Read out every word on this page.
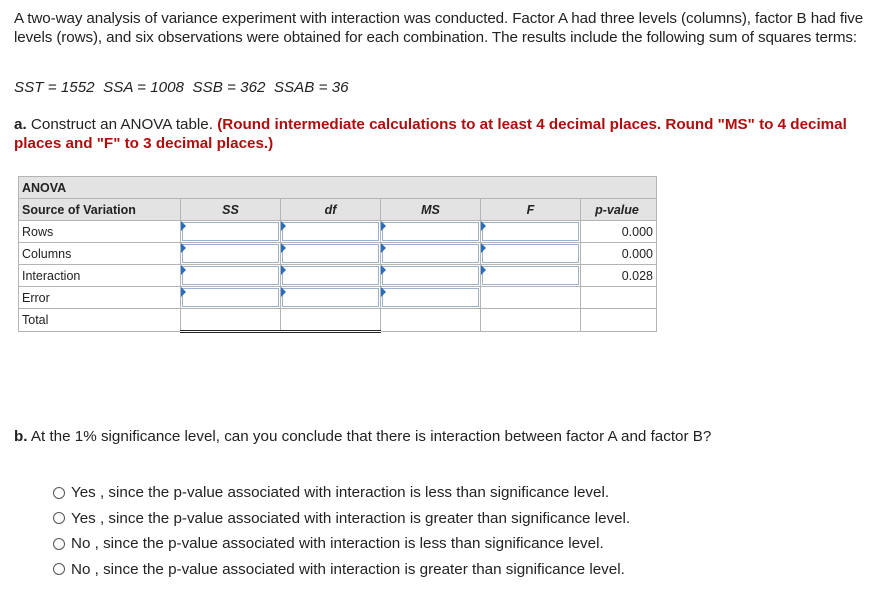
A two-way analysis of variance experiment with interaction was conducted. Factor A had three levels (columns), factor B had five levels (rows), and six observations were obtained for each combination. The results include the following sum of squares terms:
SST = 1552  SSA = 1008  SSB = 362  SSAB = 36
a. Construct an ANOVA table. (Round intermediate calculations to at least 4 decimal places. Round "MS" to 4 decimal places and "F" to 3 decimal places.)
ANOVA					
Source of Variation	SS	df	MS	F	p-value
Rows					0.000
Columns					0.000
Interaction					0.028
Error	

Total					
b. At the 1% significance level, can you conclude that there is interaction between factor A and factor B?
Yes , since the p-value associated with interaction is less than significance level.
Yes , since the p-value associated with interaction is greater than significance level.
No , since the p-value associated with interaction is less than significance level.
No , since the p-value associated with interaction is greater than significance level.
